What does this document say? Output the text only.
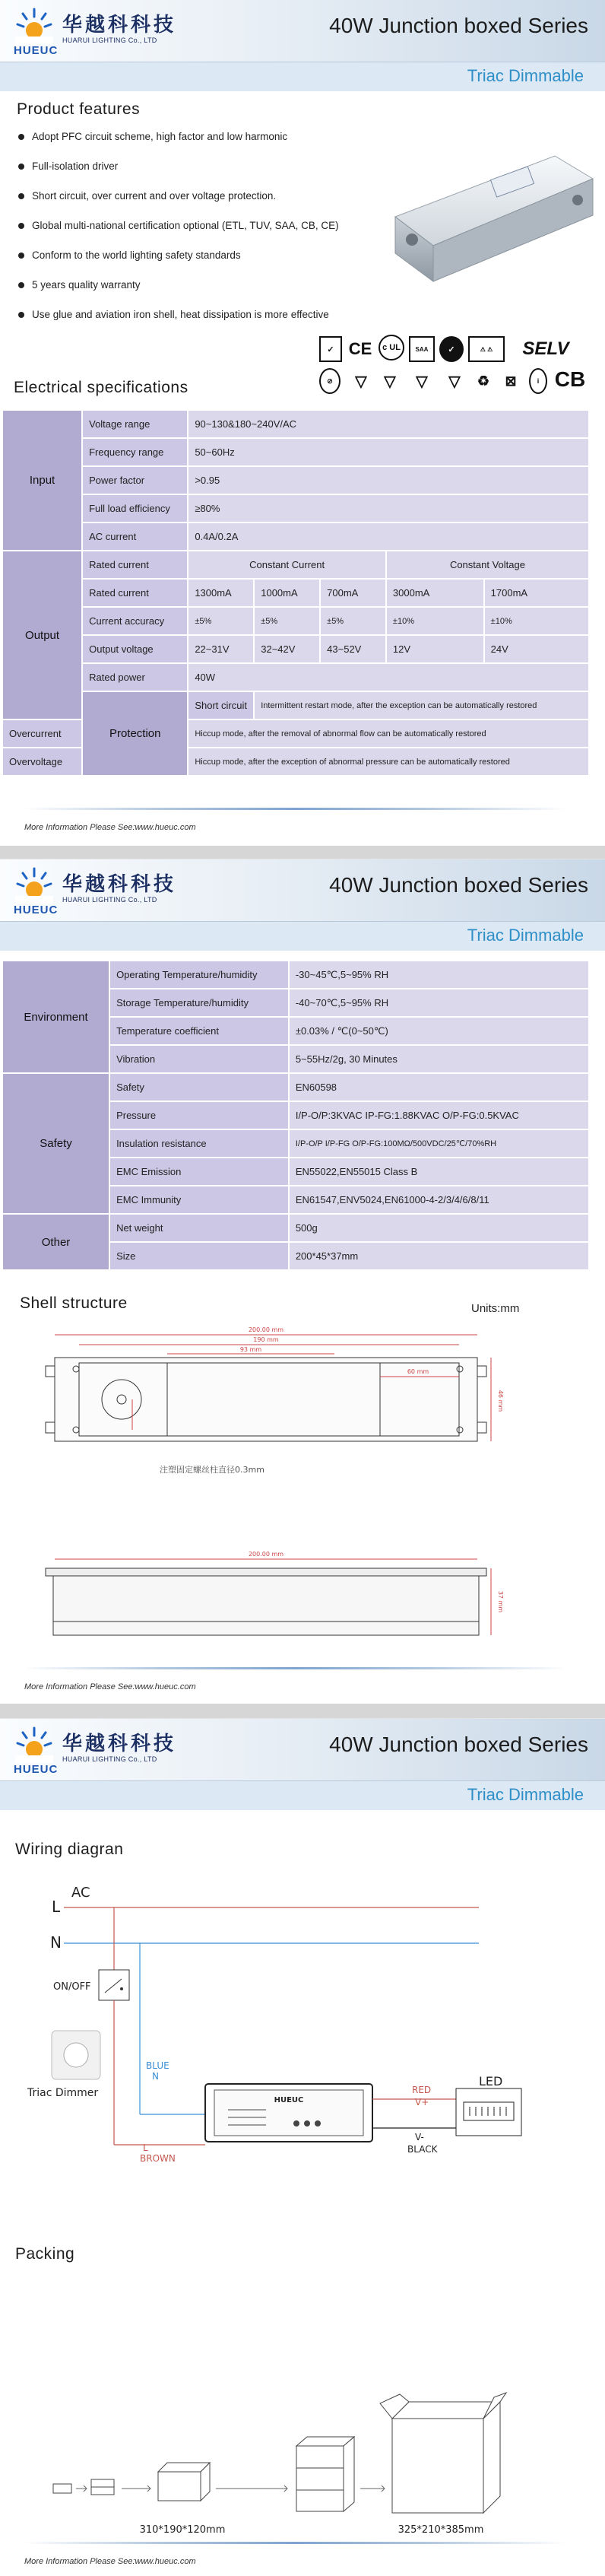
华越科科技
HUARUI LIGHTING Co., LTD
HUEUC
40W Junction boxed Series
Triac Dimmable
Product features
Adopt PFC circuit scheme, high factor and low harmonic
Full-isolation driver
Short circuit, over current and over voltage protection.
Global multi-national certification optional (ETL, TUV, SAA, CB, CE)
Conform to the world lighting safety standards
5 years quality warranty
Use glue and aviation iron shell, heat dissipation is more effective
✓ CE	c UL	SAA	✓	⚠ ⚠	SELV
⊘	▽	▽	▽	▽	♻	⊠	i CB
Electrical specifications
Input	Voltage range	90~130&180~240V/AC				
	Frequency range	50~60Hz				
	Power factor	>0.95				
	Full load efficiency	≥80%				
	AC current	0.4A/0.2A				
Output	Rated current	Constant Current			Constant Voltage	
	Rated current	1300mA	1000mA	700mA	3000mA	1700mA
	Current accuracy	±5%	±5%	±5%	±10%	±10%
	Output voltage	22~31V	32~42V	43~52V	12V	24V
	Rated power	40W				
	Protection	Short circuit	Intermittent restart mode, after the exception can be automatically restored			
Overcurrent		Hiccup mode, after the removal of abnormal flow can be automatically restored				
Overvoltage		Hiccup mode, after the exception of abnormal pressure can be automatically restored				
More Information Please See:www.hueuc.com
华越科科技
HUARUI LIGHTING Co., LTD
HUEUC
40W Junction boxed Series
Triac Dimmable
Environment	Operating Temperature/humidity	-30~45℃,5~95% RH
	Storage Temperature/humidity	-40~70℃,5~95% RH
	Temperature coefficient	±0.03% / ℃(0~50℃)
	Vibration	5~55Hz/2g, 30 Minutes
Safety	Safety	EN60598
	Pressure	I/P-O/P:3KVAC IP-FG:1.88KVAC O/P-FG:0.5KVAC
	Insulation resistance	I/P-O/P I/P-FG O/P-FG:100MΩ/500VDC/25℃/70%RH
	EMC Emission	EN55022,EN55015 Class B
	EMC Immunity	EN61547,ENV5024,EN61000-4-2/3/4/6/8/11
Other	Net weight	500g
	Size	200*45*37mm
Shell structure	Units:mm
200.00 mm
190 mm
93 mm
60 mm
46 mm
注塑固定螺丝柱直径0.3mm
200.00 mm
37 mm
More Information Please See:www.hueuc.com
华越科科技
HUARUI LIGHTING Co., LTD
HUEUC
40W Junction boxed Series
Triac Dimmable
Wiring diagran
AC
L
N
ON/OFF
Triac Dimmer
BLUE
N
L
BROWN
HUEUC
RED
V+
V-
BLACK
LED
Packing
310*190*120mm	325*210*385mm
More Information Please See:www.hueuc.com
